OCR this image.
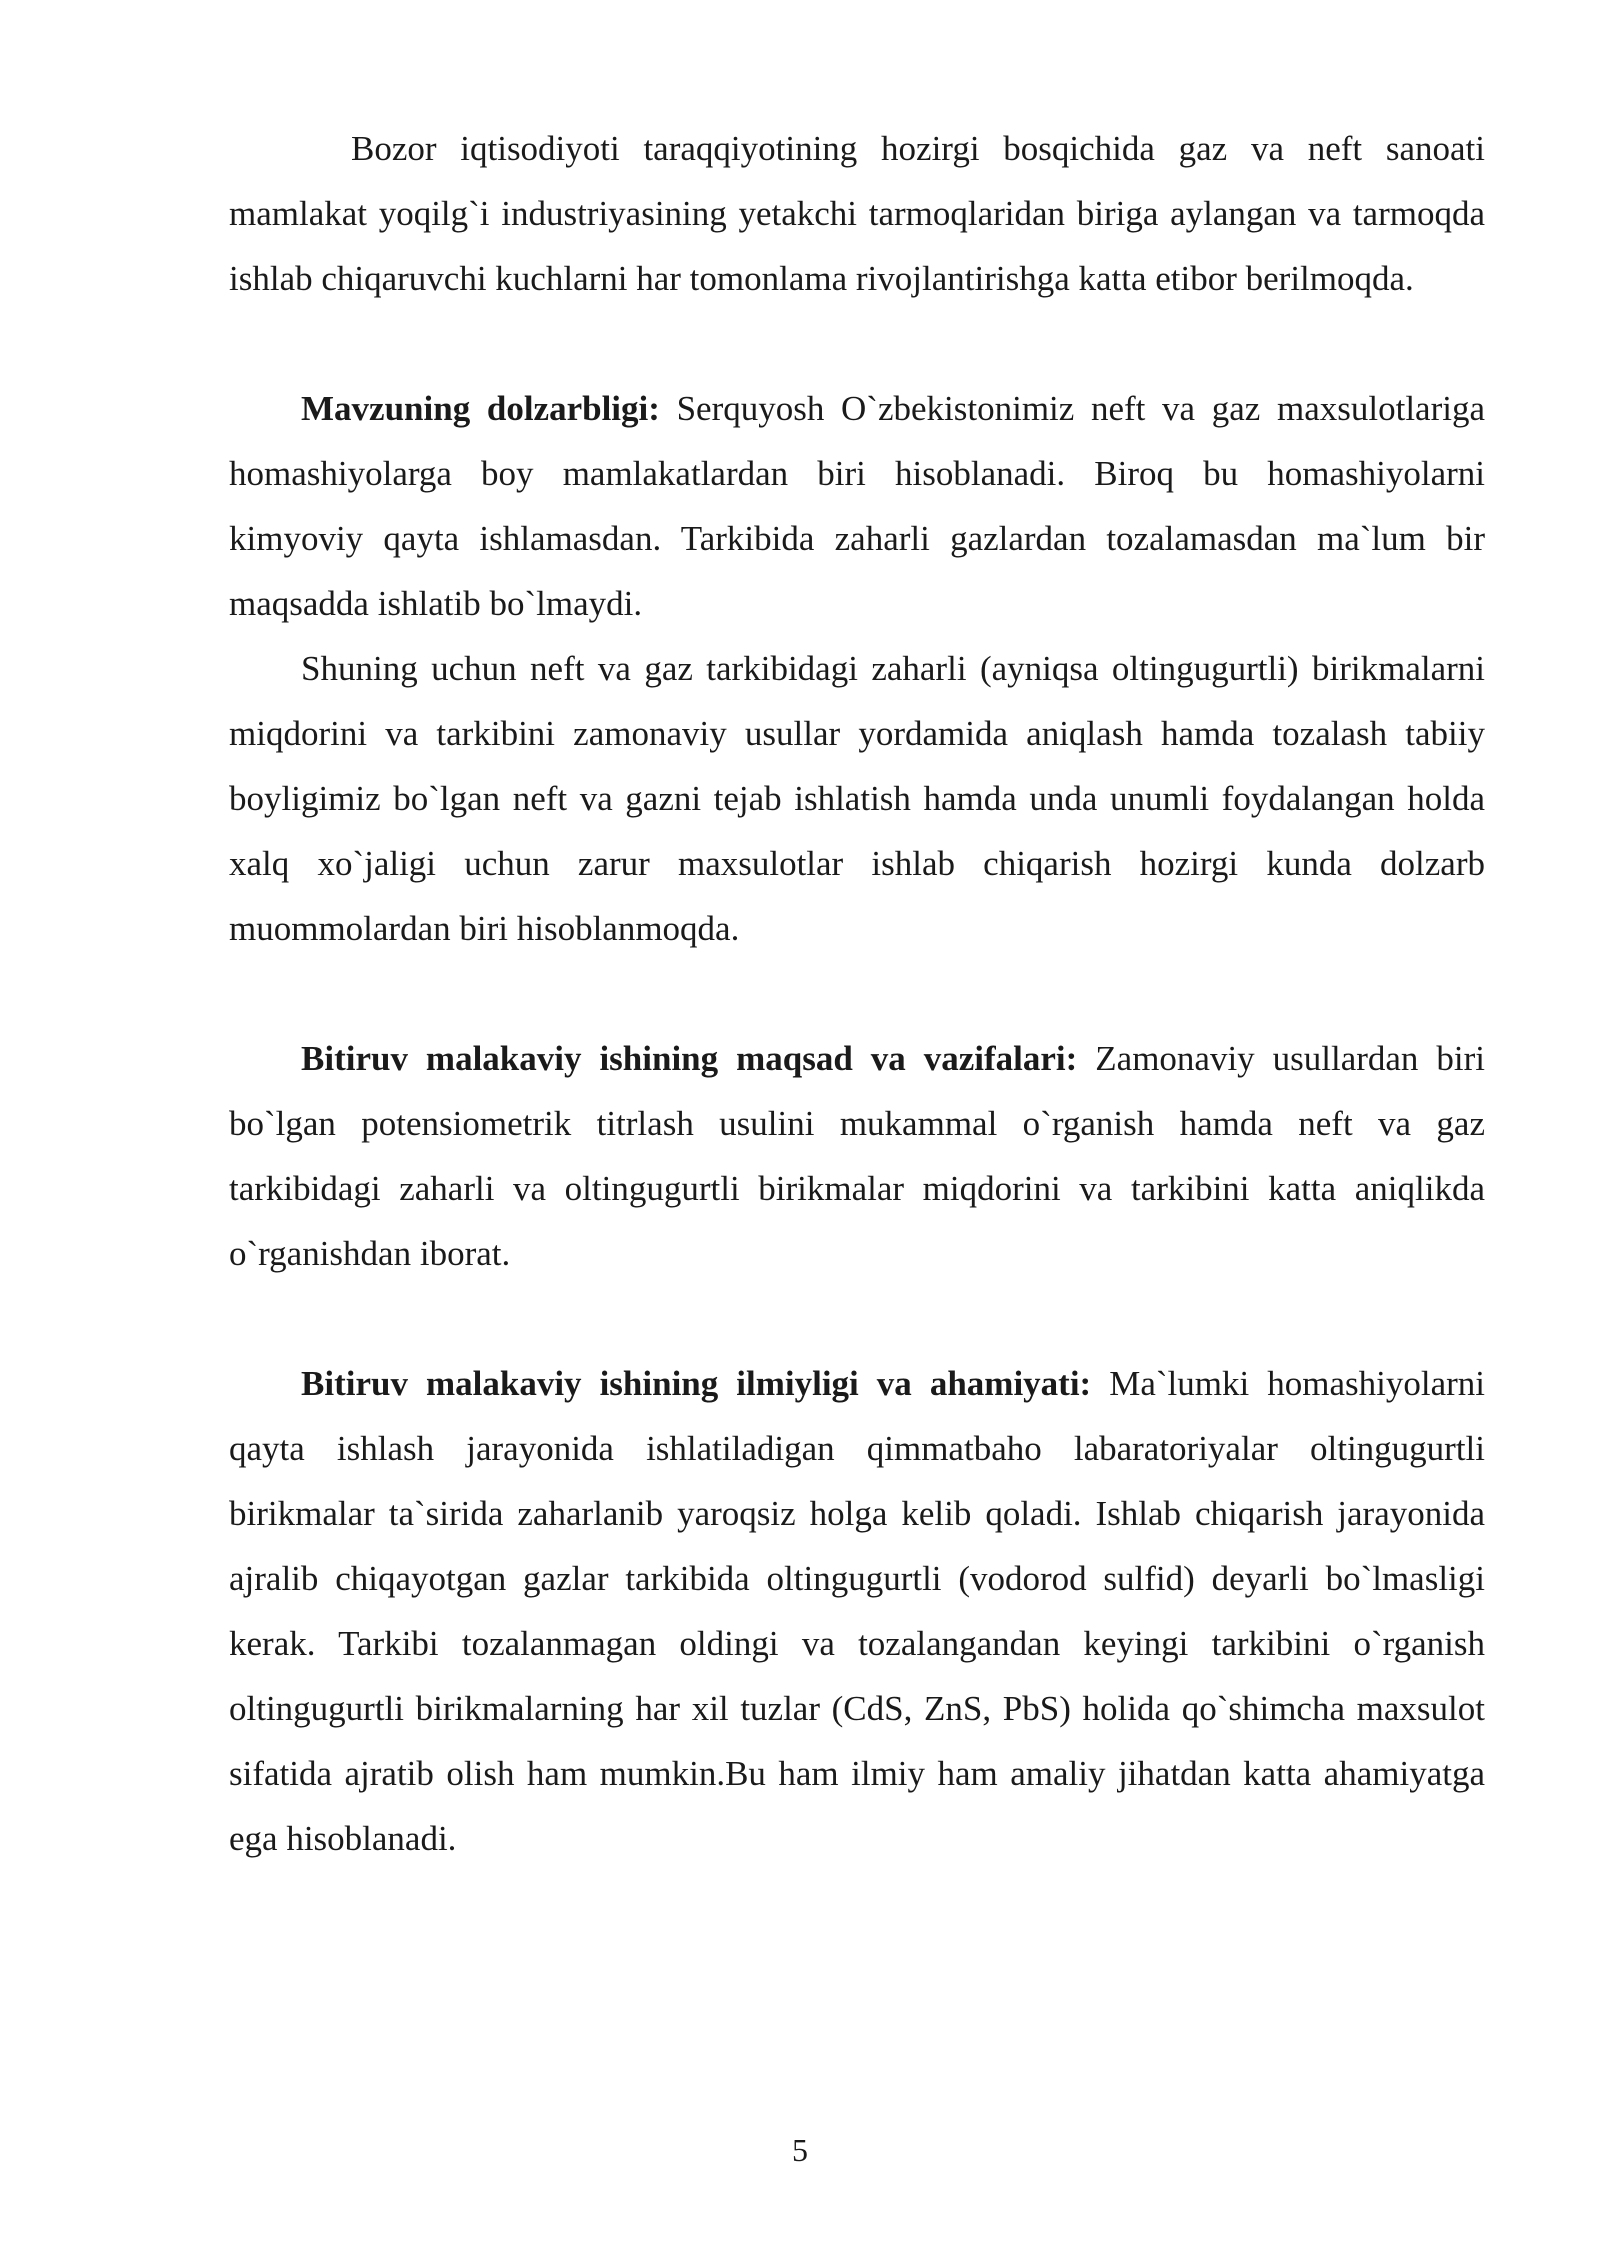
Bozor iqtisodiyoti taraqqiyotining hozirgi bosqichida gaz va neft sanoati mamlakat yoqilg`i industriyasining yetakchi tarmoqlaridan biriga aylangan va tarmoqda ishlab chiqaruvchi kuchlarni har tomonlama rivojlantirishga katta etibor berilmoqda.

Mavzuning dolzarbligi: Serquyosh O`zbekistonimiz neft va gaz maxsulotlariga homashiyolarga boy mamlakatlardan biri hisoblanadi. Biroq bu homashiyolarni kimyoviy qayta ishlamasdan. Tarkibida zaharli gazlardan tozalamasdan ma`lum bir maqsadda ishlatib bo`lmaydi.

Shuning uchun neft va gaz tarkibidagi zaharli (ayniqsa oltingugurtli) birikmalarni miqdorini va tarkibini zamonaviy usullar yordamida aniqlash hamda tozalash tabiiy boyligimiz bo`lgan neft va gazni tejab ishlatish hamda unda unumli foydalangan holda xalq xo`jaligi uchun zarur maxsulotlar ishlab chiqarish hozirgi kunda dolzarb muommolardan biri hisoblanmoqda.

Bitiruv malakaviy ishining maqsad va vazifalari: Zamonaviy usullardan biri bo`lgan potensiometrik titrlash usulini mukammal o`rganish hamda neft va gaz tarkibidagi zaharli va oltingugurtli birikmalar miqdorini va tarkibini katta aniqlikda o`rganishdan iborat.

Bitiruv malakaviy ishining ilmiyligi va ahamiyati: Ma`lumki homashiyolarni qayta ishlash jarayonida ishlatiladigan qimmatbaho labaratoriyalar oltingugurtli birikmalar ta`sirida zaharlanib yaroqsiz holga kelib qoladi. Ishlab chiqarish jarayonida ajralib chiqayotgan gazlar tarkibida oltingugurtli (vodorod sulfid) deyarli bo`lmasligi kerak. Tarkibi tozalanmagan oldingi va tozalangandan keyingi tarkibini o`rganish oltingugurtli birikmalarning har xil tuzlar (CdS, ZnS, PbS) holida qo`shimcha maxsulot sifatida ajratib olish ham mumkin.Bu ham ilmiy ham amaliy jihatdan katta ahamiyatga ega hisoblanadi.

5
